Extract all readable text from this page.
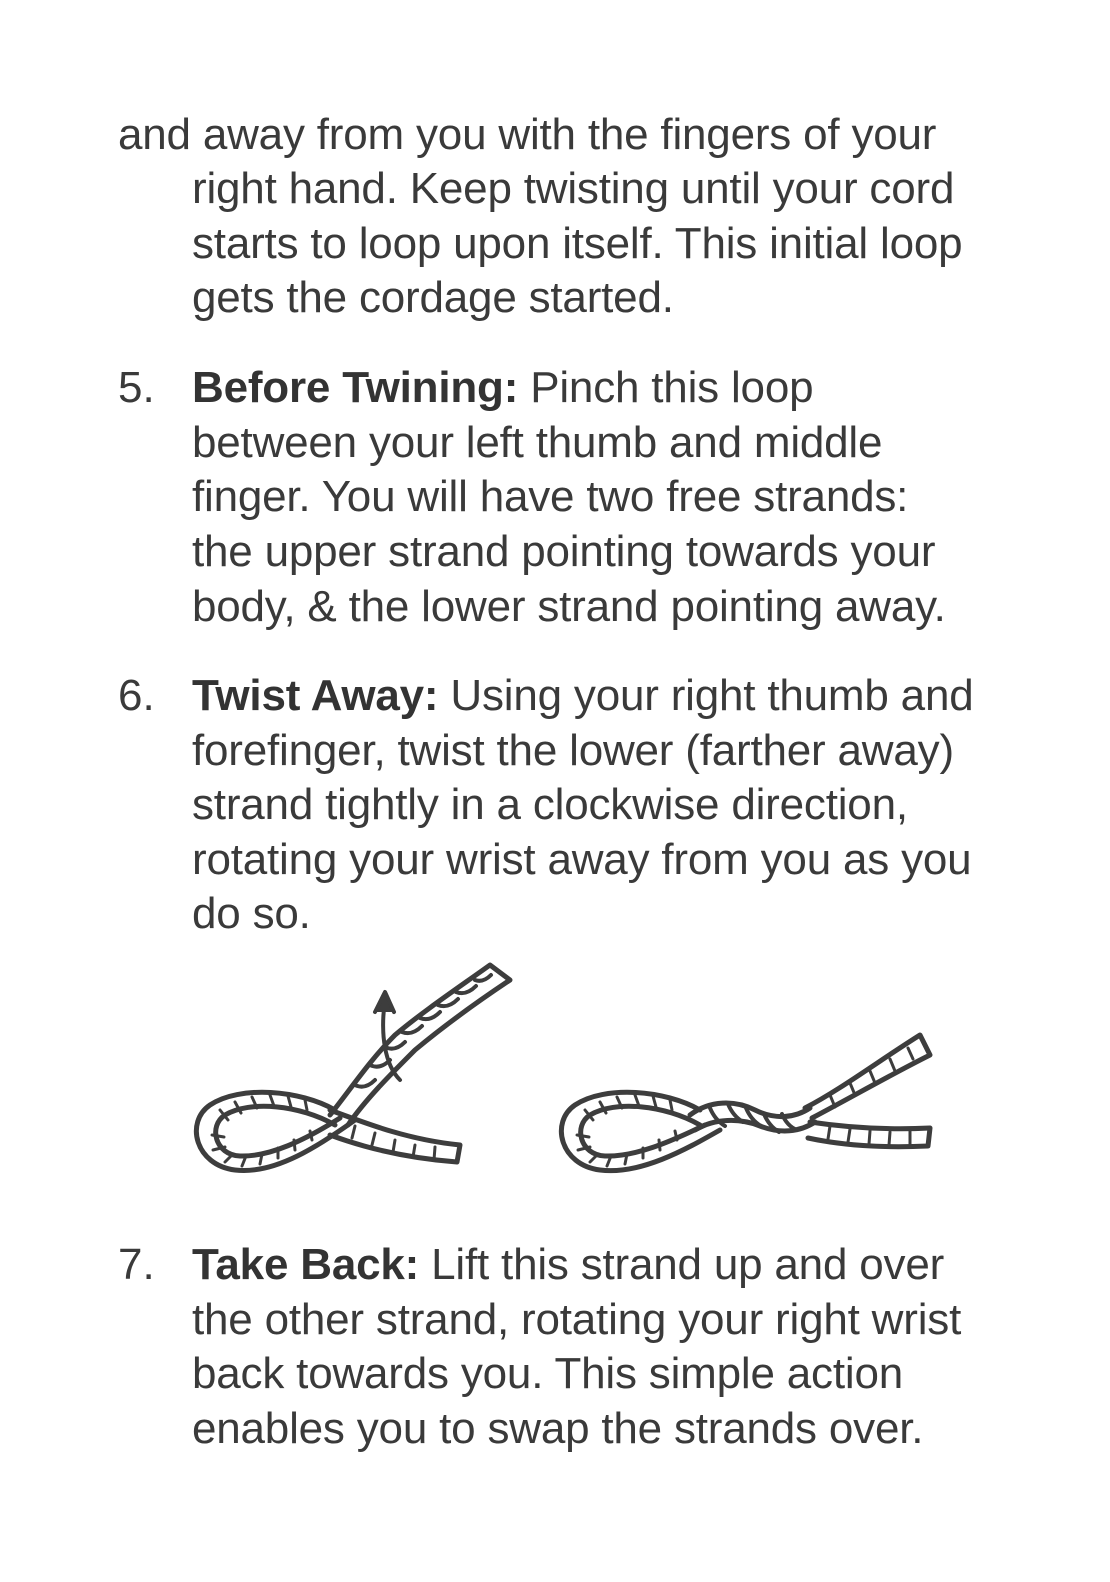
and away from you with the fingers of your
right hand. Keep twisting until your cord
starts to loop upon itself. This initial loop
gets the cordage started.
5. Before Twining: Pinch this loop
between your left thumb and middle
finger. You will have two free strands:
the upper strand pointing towards your
body, & the lower strand pointing away.
6. Twist Away: Using your right thumb and
forefinger, twist the lower (farther away)
strand tightly in a clockwise direction,
rotating your wrist away from you as you
do so.
7. Take Back: Lift this strand up and over
the other strand, rotating your right wrist
back towards you. This simple action
enables you to swap the strands over.
